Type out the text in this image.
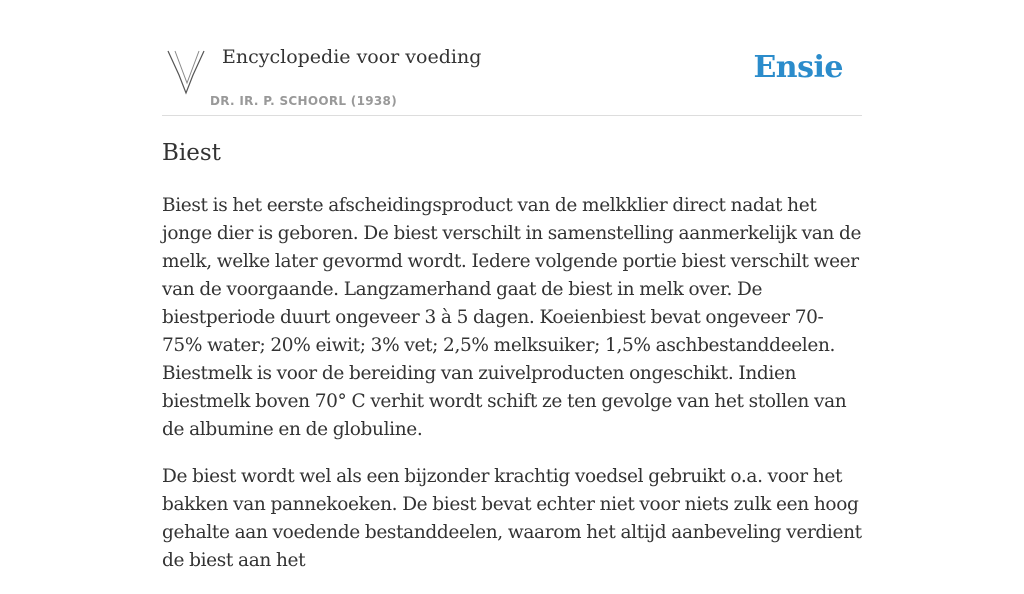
Encyclopedie voor voeding
DR. IR. P. SCHOORL (1938)
Ensie
Biest

Biest is het eerste afscheidingsproduct van de melkklier direct nadat het jonge dier is geboren. De biest verschilt in samenstelling aanmerkelijk van de melk, welke later gevormd wordt. Iedere volgende portie biest verschilt weer van de voorgaande. Langzamerhand gaat de biest in melk over. De biestperiode duurt ongeveer 3 à 5 dagen. Koeienbiest bevat ongeveer 70-75% water; 20% eiwit; 3% vet; 2,5% melksuiker; 1,5% aschbestanddeelen. Biestmelk is voor de bereiding van zuivelproducten ongeschikt. Indien biestmelk boven 70° C verhit wordt schift ze ten gevolge van het stollen van de albumine en de globuline.

De biest wordt wel als een bijzonder krachtig voedsel gebruikt o.a. voor het bakken van pannekoeken. De biest bevat echter niet voor niets zulk een hoog gehalte aan voedende bestanddeelen, waarom het altijd aanbeveling verdient de biest aan het
